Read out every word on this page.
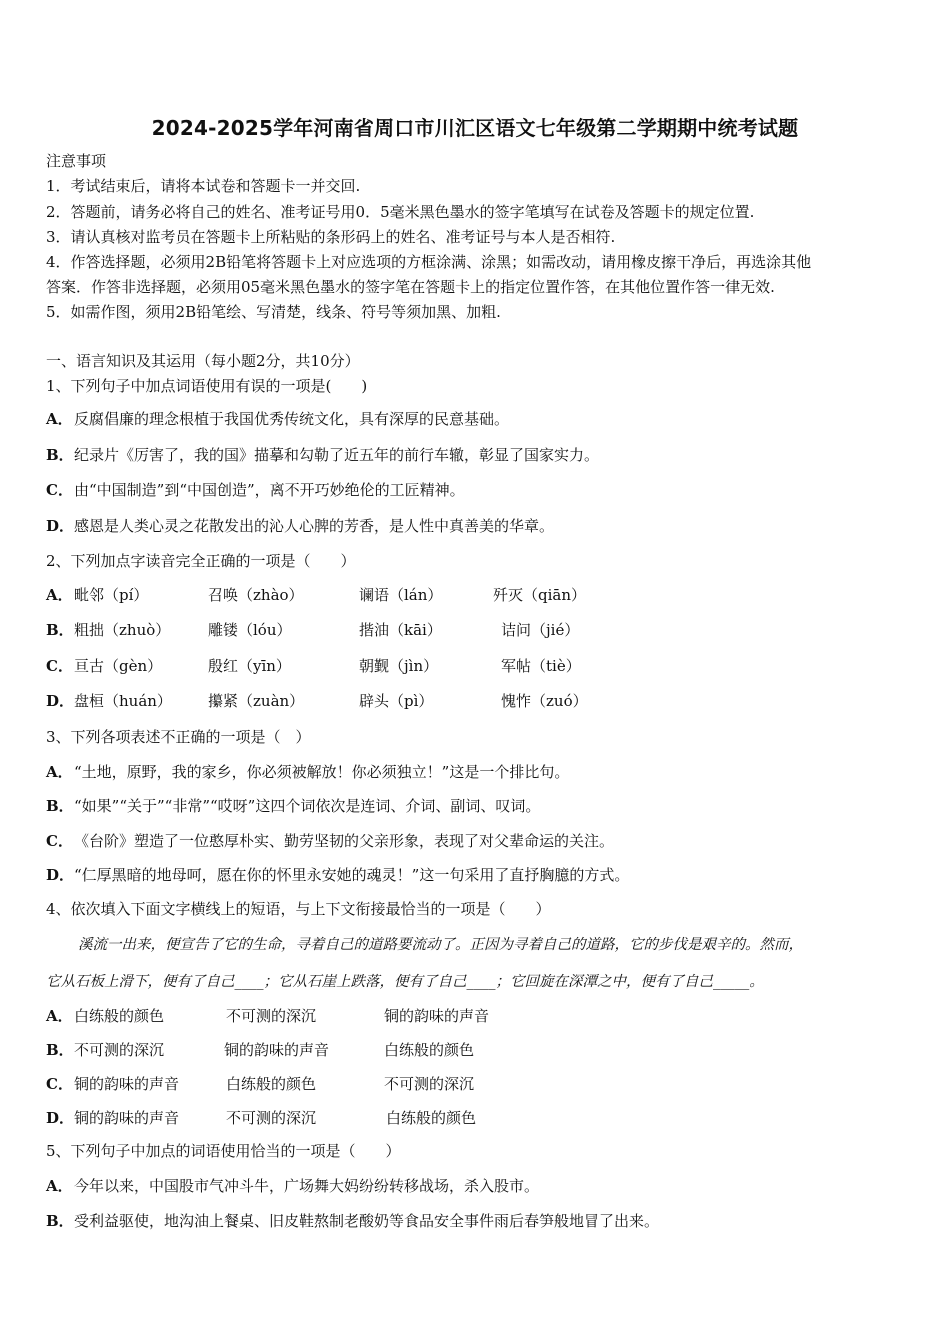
2024-2025学年河南省周口市川汇区语文七年级第二学期期中统考试题
注意事项
1．考试结束后，请将本试卷和答题卡一并交回.
2．答题前，请务必将自己的姓名、准考证号用0．5毫米黑色墨水的签字笔填写在试卷及答题卡的规定位置.
3．请认真核对监考员在答题卡上所粘贴的条形码上的姓名、准考证号与本人是否相符.
4．作答选择题，必须用2B铅笔将答题卡上对应选项的方框涂满、涂黑；如需改动，请用橡皮擦干净后，再选涂其他
答案．作答非选择题，必须用05毫米黑色墨水的签字笔在答题卡上的指定位置作答，在其他位置作答一律无效.
5．如需作图，须用2B铅笔绘、写清楚，线条、符号等须加黑、加粗.
一、语言知识及其运用（每小题2分，共10分）
1、下列句子中加点词语使用有误的一项是(　　)
A．反腐倡廉的理念根植于我国优秀传统文化，具有深厚的民意基础。
B．纪录片《厉害了，我的国》描摹和勾勒了近五年的前行车辙，彰显了国家实力。
C．由“中国制造”到“中国创造”，离不开巧妙绝伦的工匠精神。
D．感恩是人类心灵之花散发出的沁人心脾的芳香，是人性中真善美的华章。
2、下列加点字读音完全正确的一项是（　　）
A． 毗邻（pí）	召唤（zhào）	谰语（lán）	歼灭（qiān）
B． 粗拙（zhuò）	雕镂（lóu）	揩油（kāi）	诘问（jié）
C． 亘古（gèn）	殷红（yīn）	朝觐（jìn）	军帖（tiè）
D． 盘桓（huán） 攥紧（zuàn）	辟头（pì）	愧怍（zuó）
3、下列各项表述不正确的一项是（　）
A．“土地，原野，我的家乡，你必须被解放！你必须独立！”这是一个排比句。
B．“如果”“关于”“非常”“哎呀”这四个词依次是连词、介词、副词、叹词。
C．《台阶》塑造了一位憨厚朴实、勤劳坚韧的父亲形象，表现了对父辈命运的关注。
D．“仁厚黑暗的地母呵，愿在你的怀里永安她的魂灵！”这一句采用了直抒胸臆的方式。
4、依次填入下面文字横线上的短语，与上下文衔接最恰当的一项是（　　）
溪流一出来，便宣告了它的生命，寻着自己的道路要流动了。正因为寻着自己的道路，它的步伐是艰辛的。然而，
它从石板上滑下，便有了自己____；它从石崖上跌落，便有了自己____；它回旋在深潭之中，便有了自己_____。
A． 白练般的颜色	不可测的深沉	铜的韵味的声音
B． 不可测的深沉	铜的韵味的声音	白练般的颜色
C． 铜的韵味的声音	白练般的颜色	不可测的深沉
D． 铜的韵味的声音	不可测的深沉	白练般的颜色
5、下列句子中加点的词语使用恰当的一项是（　　）
A．今年以来，中国股市气冲斗牛，广场舞大妈纷纷转移战场，杀入股市。
B．受利益驱使，地沟油上餐桌、旧皮鞋熬制老酸奶等食品安全事件雨后春笋般地冒了出来。
